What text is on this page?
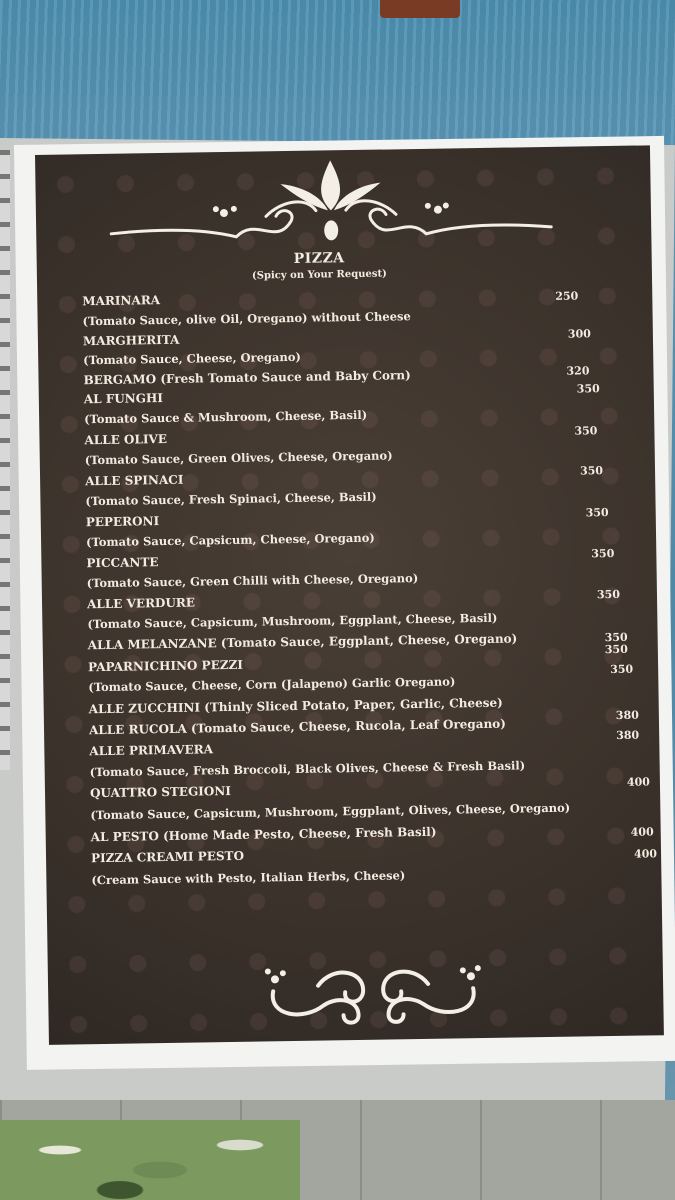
PIZZA
(Spicy on Your Request)
MARINARA
(Tomato Sauce, olive Oil, Oregano) without Cheese
MARGHERITA
(Tomato Sauce, Cheese, Oregano)
BERGAMO (Fresh Tomato Sauce and Baby Corn)
AL FUNGHI
(Tomato Sauce & Mushroom, Cheese, Basil)
ALLE OLIVE
(Tomato Sauce, Green Olives, Cheese, Oregano)
ALLE SPINACI
(Tomato Sauce, Fresh Spinaci, Cheese, Basil)
PEPERONI
(Tomato Sauce, Capsicum, Cheese, Oregano)
PICCANTE
(Tomato Sauce, Green Chilli with Cheese, Oregano)
ALLE VERDURE
(Tomato Sauce, Capsicum, Mushroom, Eggplant, Cheese, Basil)
ALLA MELANZANE (Tomato Sauce, Eggplant, Cheese, Oregano)
PAPARNICHINO PEZZI
(Tomato Sauce, Cheese, Corn (Jalapeno) Garlic Oregano)
ALLE ZUCCHINI (Thinly Sliced Potato, Paper, Garlic, Cheese)
ALLE RUCOLA (Tomato Sauce, Cheese, Rucola, Leaf Oregano)
ALLE PRIMAVERA
(Tomato Sauce, Fresh Broccoli, Black Olives, Cheese & Fresh Basil)
QUATTRO STEGIONI
(Tomato Sauce, Capsicum, Mushroom, Eggplant, Olives, Cheese, Oregano)
AL PESTO (Home Made Pesto, Cheese, Fresh Basil)
PIZZA CREAMI PESTO
(Cream Sauce with Pesto, Italian Herbs, Cheese)
250
300
320
350
350
350
350
350
350
350
350
350
380
380
400
400
400
